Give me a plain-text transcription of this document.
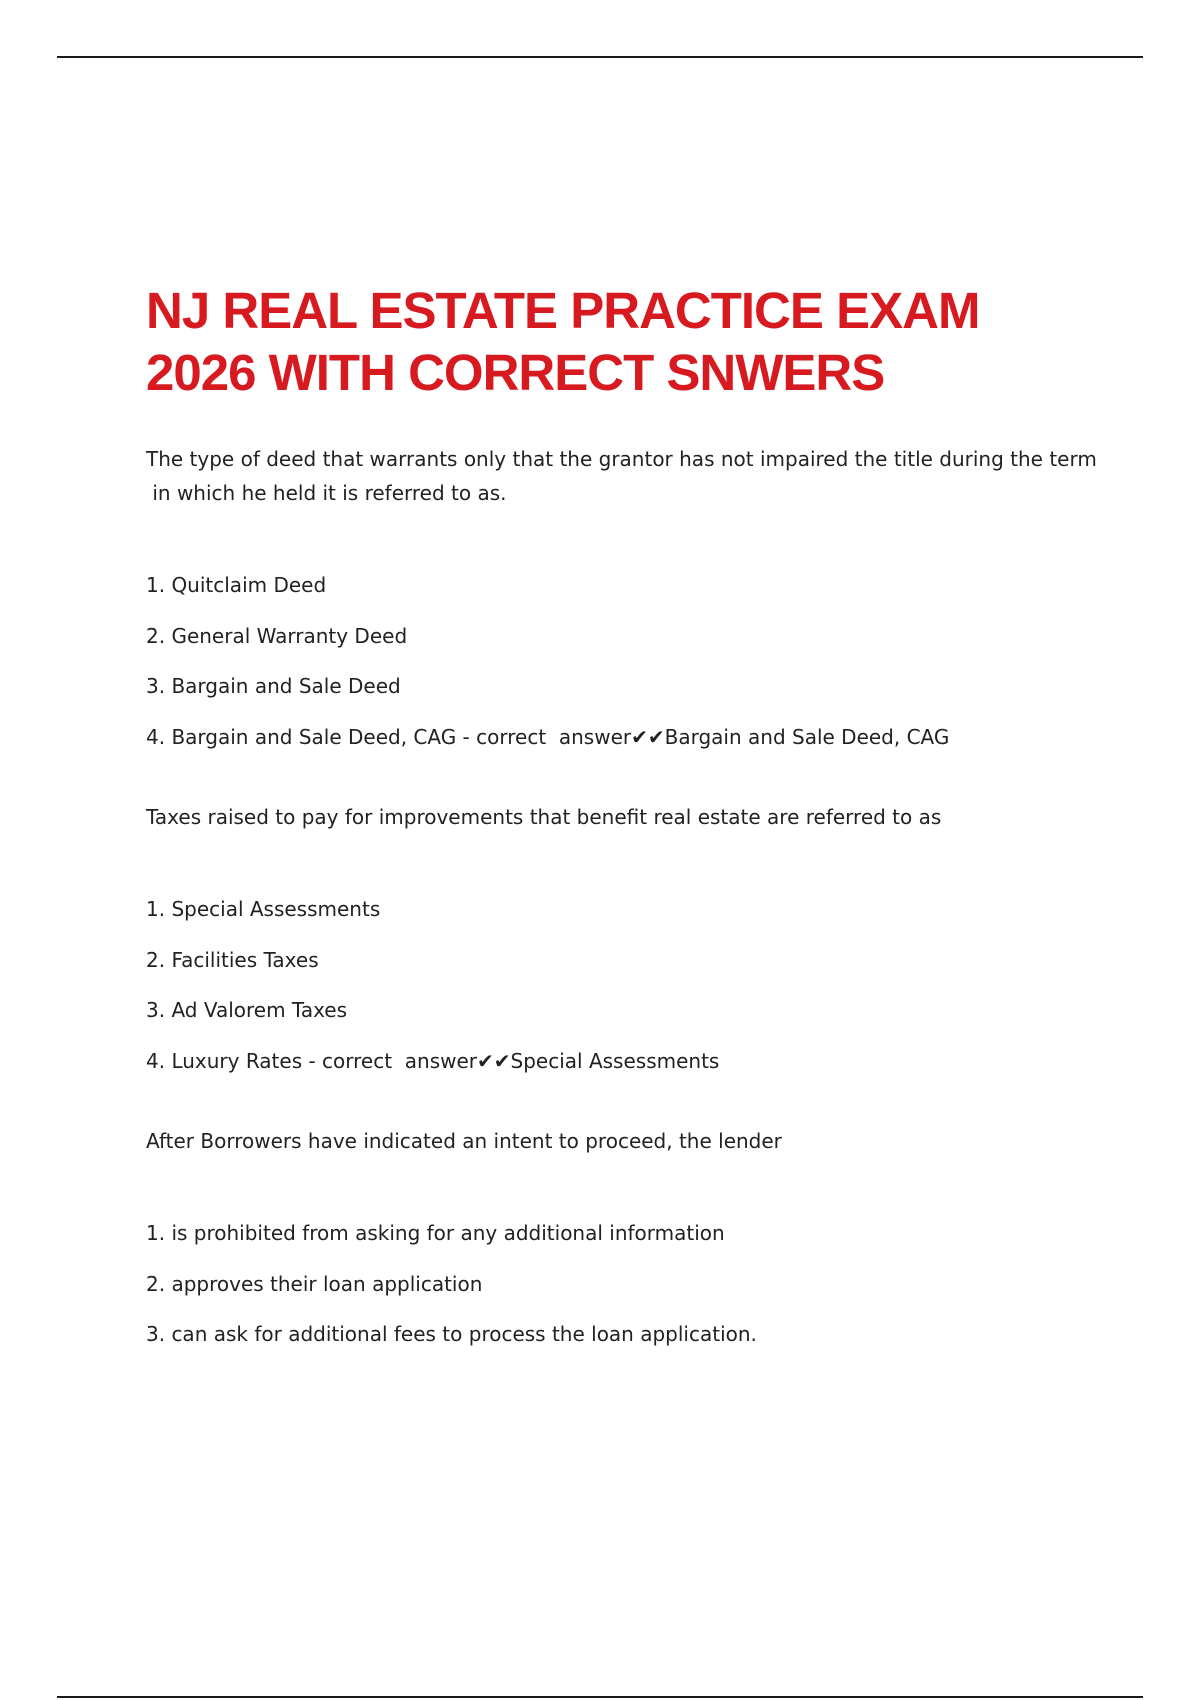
NJ REAL ESTATE PRACTICE EXAM
2026 WITH CORRECT SNWERS

The type of deed that warrants only that the grantor has not impaired the title during the term
in which he held it is referred to as.

1. Quitclaim Deed
2. General Warranty Deed
3. Bargain and Sale Deed
4. Bargain and Sale Deed, CAG - correct  answer✔✔Bargain and Sale Deed, CAG

Taxes raised to pay for improvements that benefit real estate are referred to as

1. Special Assessments
2. Facilities Taxes
3. Ad Valorem Taxes
4. Luxury Rates - correct  answer✔✔Special Assessments

After Borrowers have indicated an intent to proceed, the lender

1. is prohibited from asking for any additional information
2. approves their loan application
3. can ask for additional fees to process the loan application.
